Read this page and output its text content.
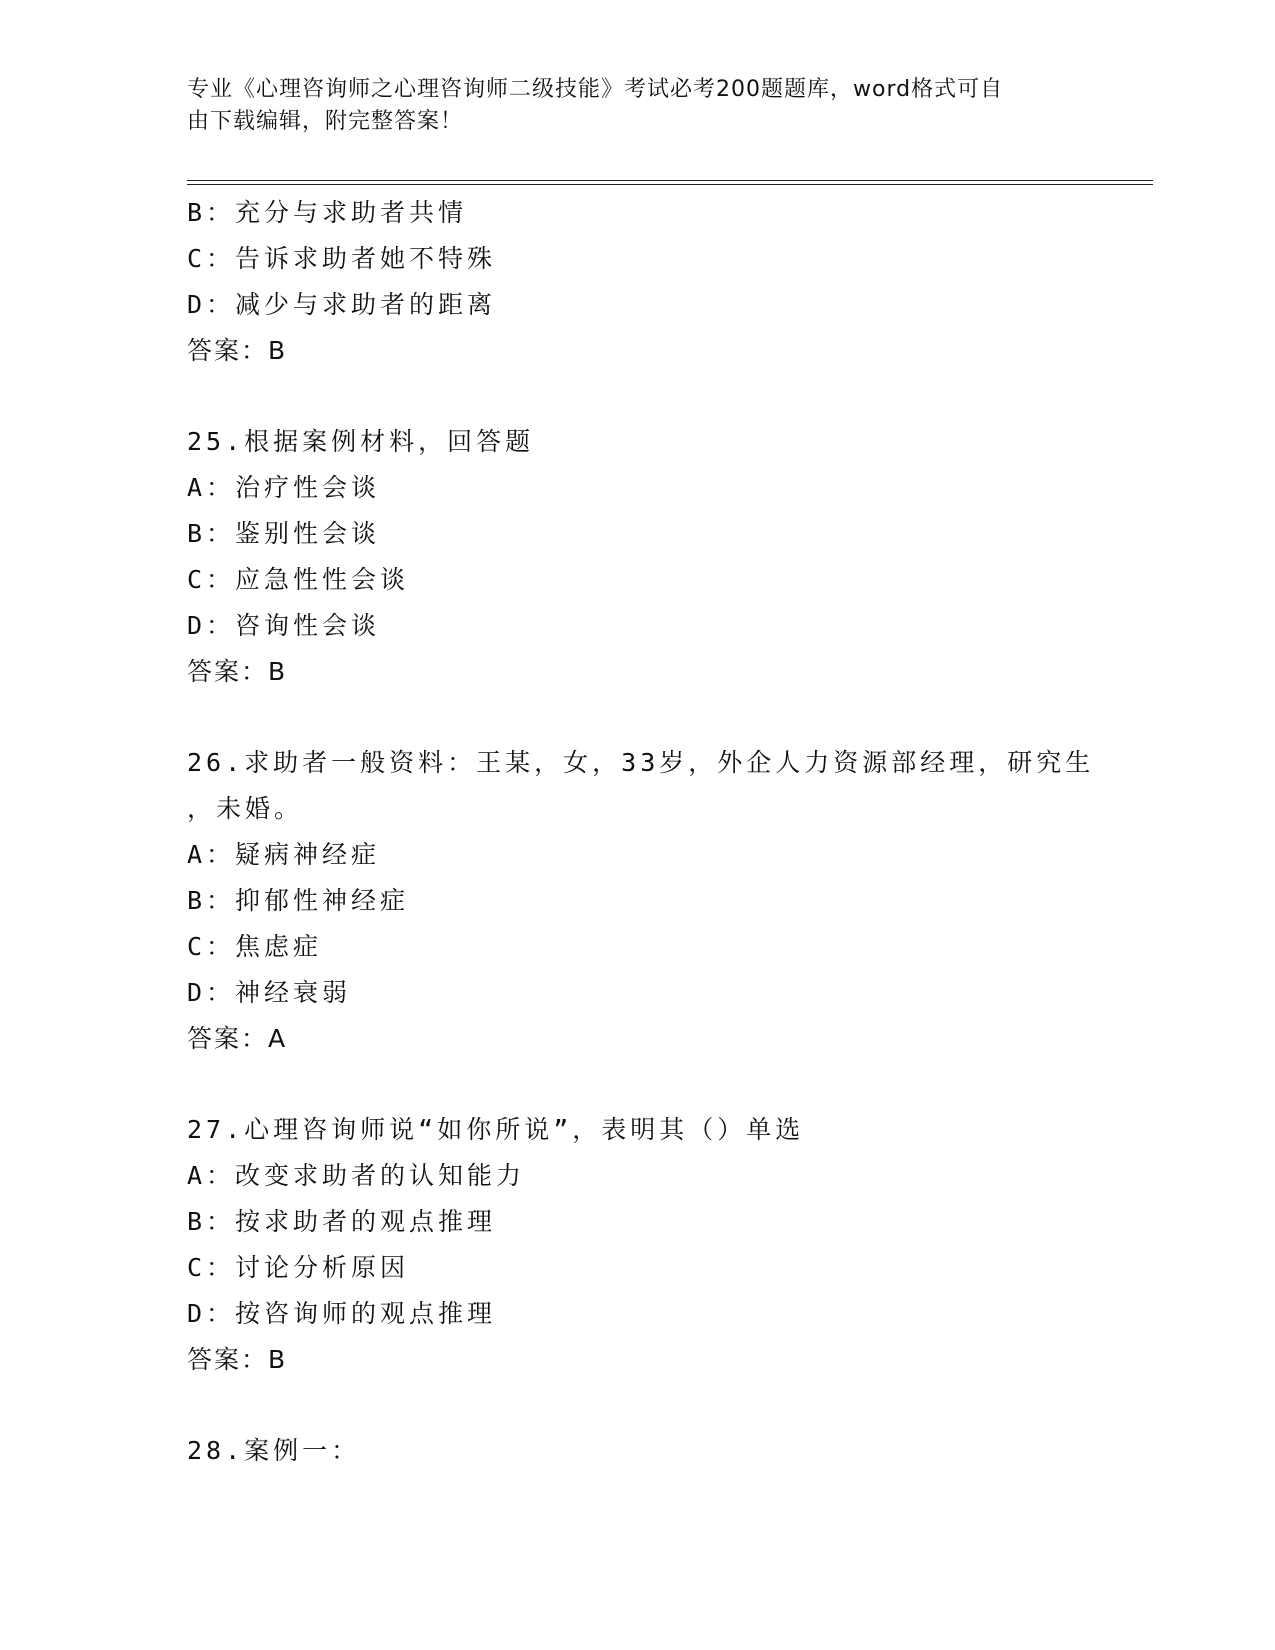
专业《心理咨询师之心理咨询师二级技能》考试必考200题题库，word格式可自
由下载编辑，附完整答案！
B：充分与求助者共情
C：告诉求助者她不特殊
D：减少与求助者的距离
答案：B
25.根据案例材料，回答题
A：治疗性会谈
B：鉴别性会谈
C：应急性性会谈
D：咨询性会谈
答案：B
26.求助者一般资料：王某，女，33岁，外企人力资源部经理，研究生
，未婚。
A：疑病神经症
B：抑郁性神经症
C：焦虑症
D：神经衰弱
答案：A
27.心理咨询师说“如你所说”，表明其（）单选
A：改变求助者的认知能力
B：按求助者的观点推理
C：讨论分析原因
D：按咨询师的观点推理
答案：B
28.案例一：
